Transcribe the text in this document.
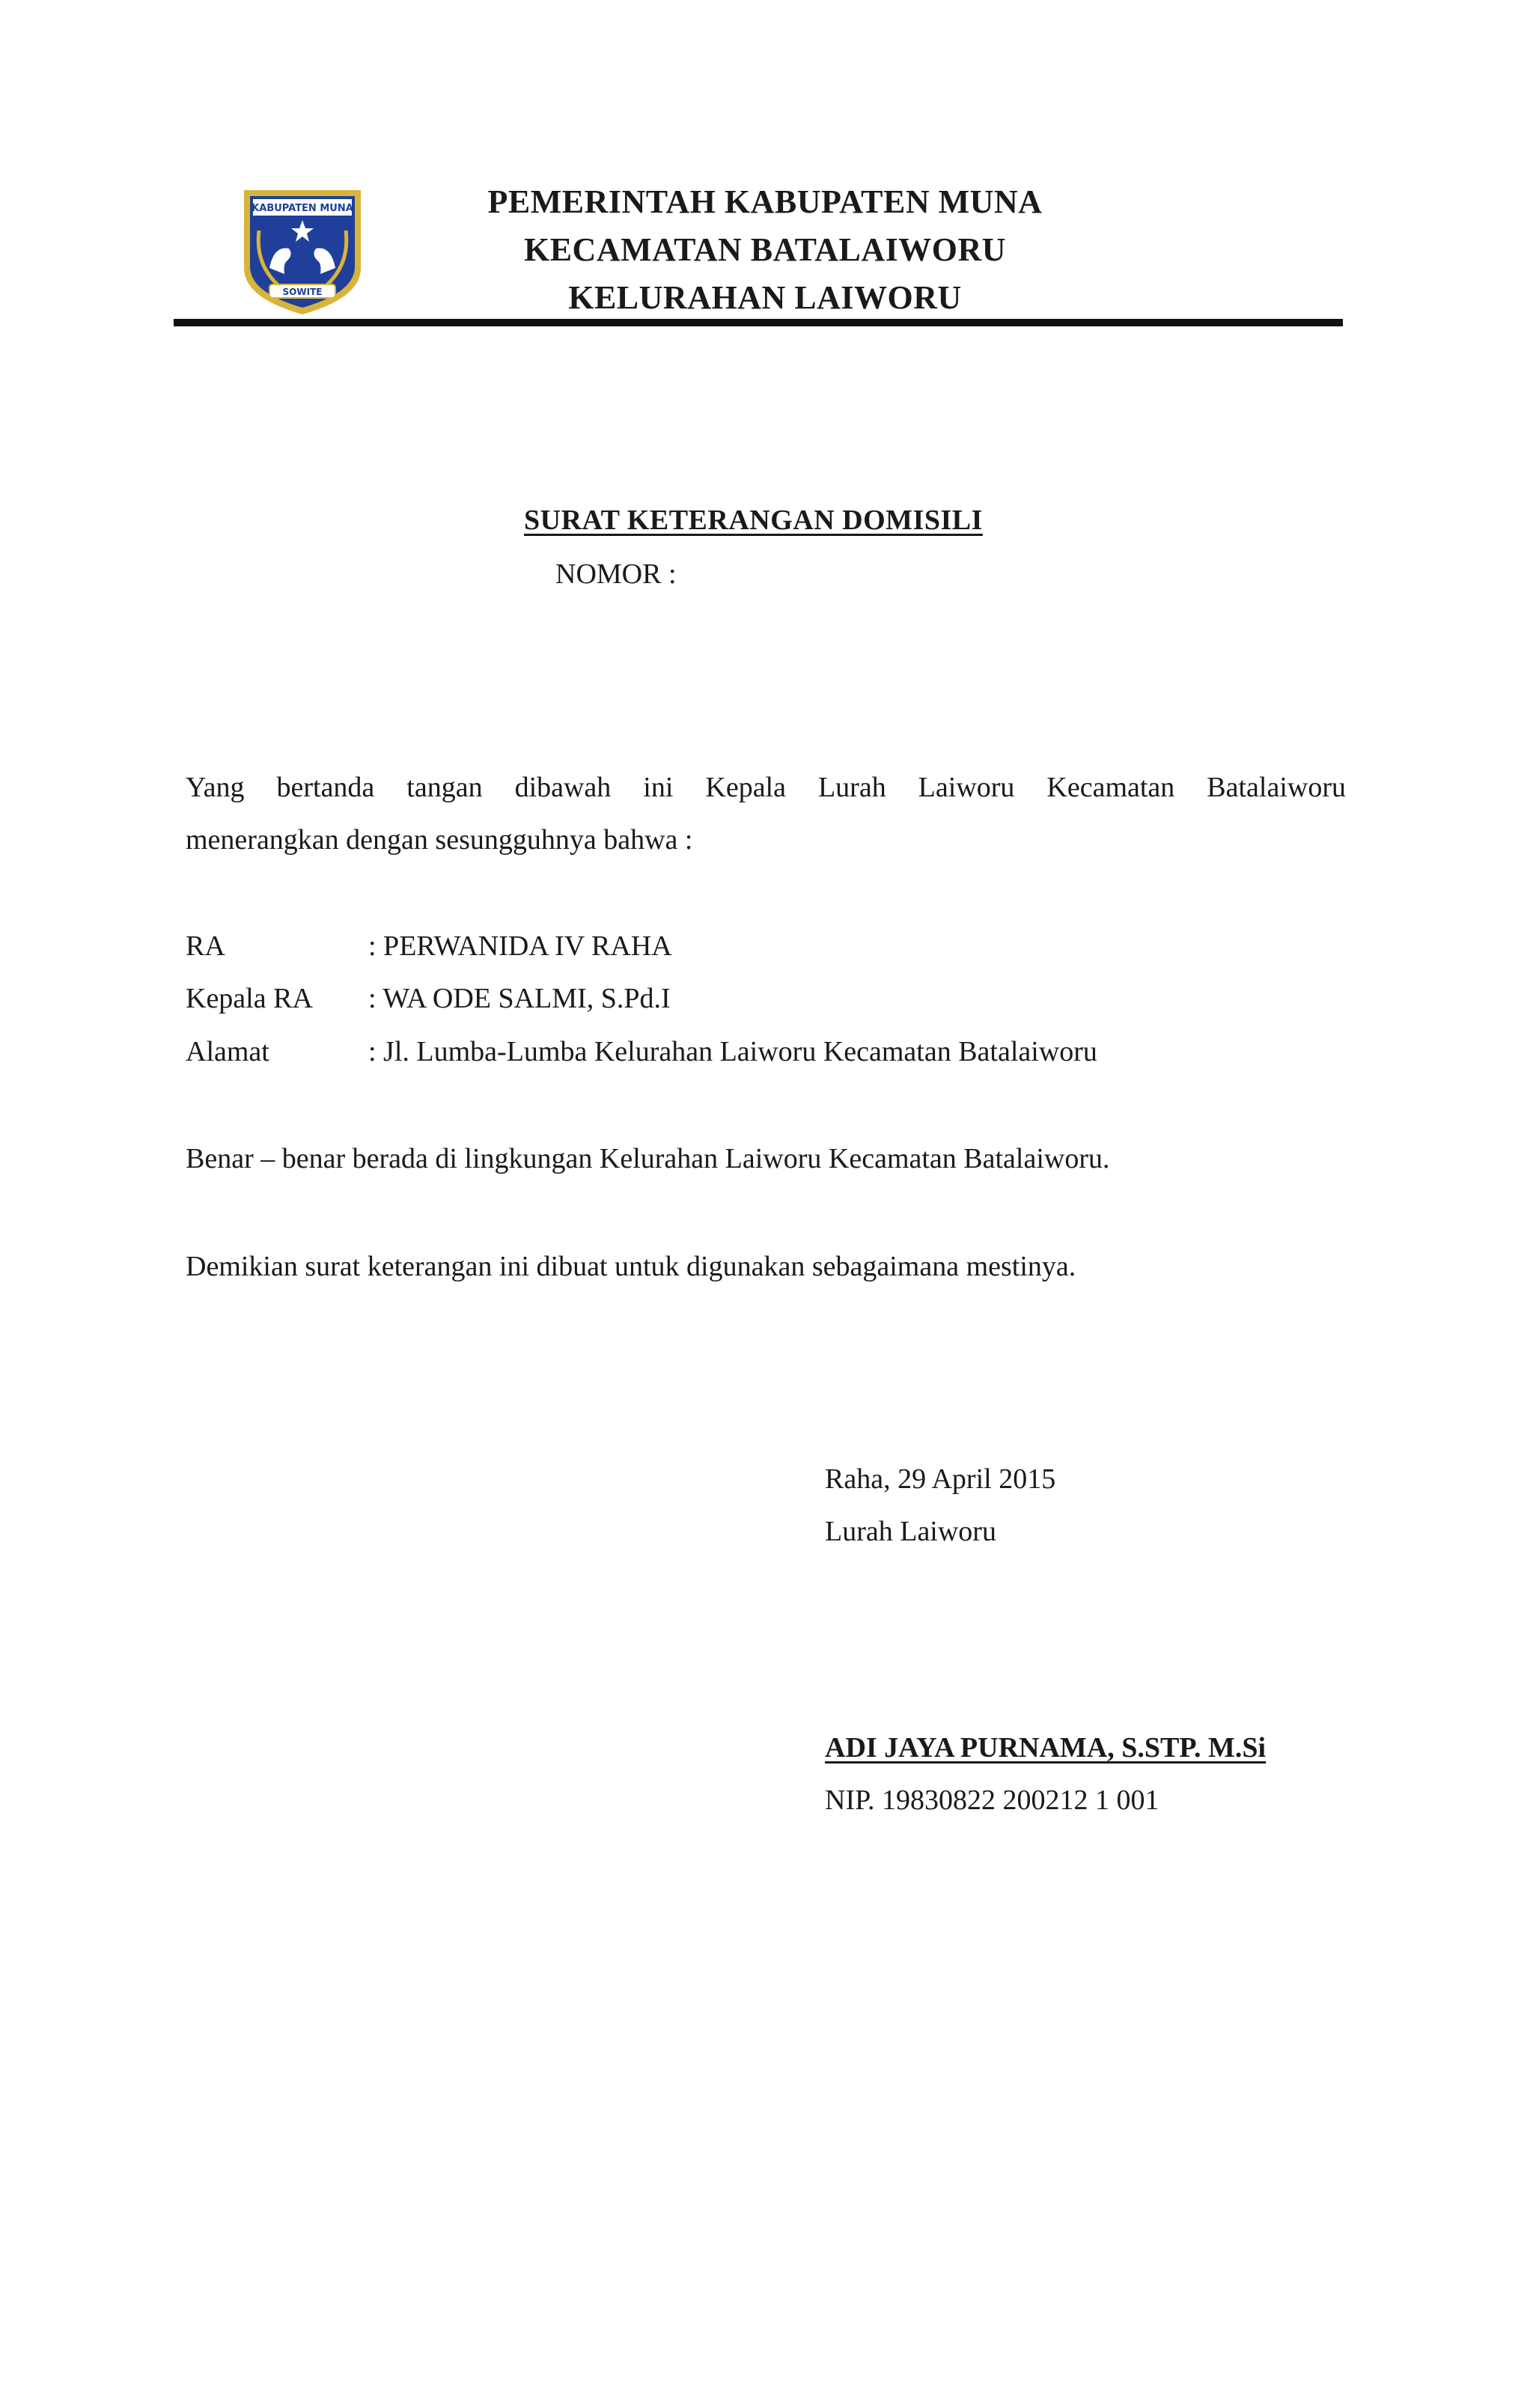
KABUPATEN MUNA
SOWITE
PEMERINTAH KABUPATEN MUNA
KECAMATAN BATALAIWORU
KELURAHAN LAIWORU
SURAT KETERANGAN DOMISILI
NOMOR :
Yang bertanda tangan dibawah ini Kepala Lurah Laiworu Kecamatan Batalaiworu
menerangkan dengan sesungguhnya bahwa :
RA	: PERWANIDA IV RAHA
Kepala RA : WA ODE SALMI, S.Pd.I
Alamat	: Jl. Lumba-Lumba Kelurahan Laiworu Kecamatan Batalaiworu
Benar – benar berada di lingkungan Kelurahan Laiworu Kecamatan Batalaiworu.
Demikian surat keterangan ini dibuat untuk digunakan sebagaimana mestinya.
Raha, 29 April 2015
Lurah Laiworu
ADI JAYA PURNAMA, S.STP. M.Si
NIP. 19830822 200212 1 001
